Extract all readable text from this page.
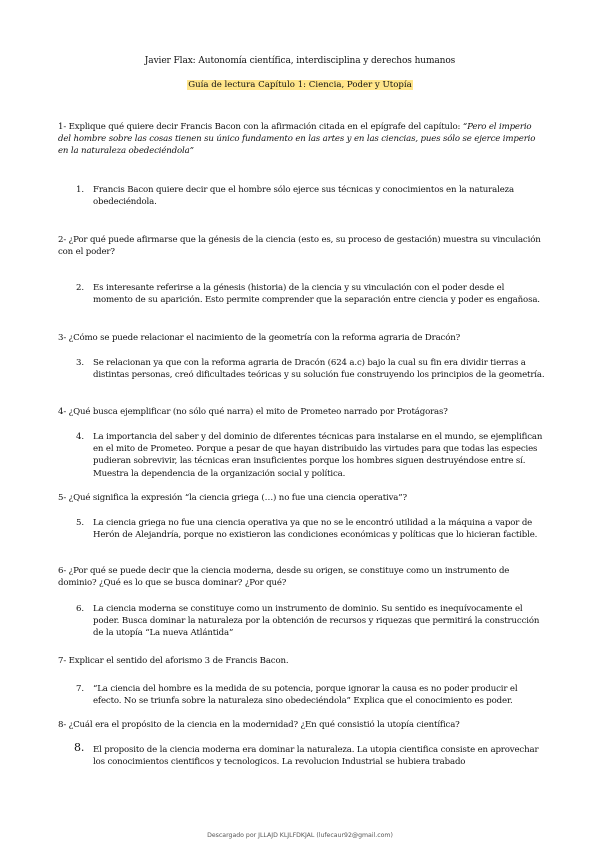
Javier Flax: Autonomía científica, interdisciplina y derechos humanos
Guía de lectura Capítulo 1: Ciencia, Poder y Utopía
1- Explique qué quiere decir Francis Bacon con la afirmación citada en el epígrafe del capítulo: “Pero el imperio del hombre sobre las cosas tienen su único fundamento en las artes y en las ciencias, pues sólo se ejerce imperio en la naturaleza obedeciéndola”
1. Francis Bacon quiere decir que el hombre sólo ejerce sus técnicas y conocimientos en la naturaleza obedeciéndola.
2- ¿Por qué puede afirmarse que la génesis de la ciencia (esto es, su proceso de gestación) muestra su vinculación con el poder?
2. Es interesante referirse a la génesis (historia) de la ciencia y su vinculación con el poder desde el momento de su aparición. Esto permite comprender que la separación entre ciencia y poder es engañosa.
3- ¿Cómo se puede relacionar el nacimiento de la geometría con la reforma agraria de Dracón?
3. Se relacionan ya que con la reforma agraria de Dracón (624 a.c) bajo la cual su fin era dividir tierras a distintas personas, creó dificultades teóricas y su solución fue construyendo los principios de la geometría.
4- ¿Qué busca ejemplificar (no sólo qué narra) el mito de Prometeo narrado por Protágoras?
4. La importancia del saber y del dominio de diferentes técnicas para instalarse en el mundo, se ejemplifican en el mito de Prometeo. Porque a pesar de que hayan distribuido las virtudes para que todas las especies pudieran sobrevivir, las técnicas eran insuficientes porque los hombres siguen destruyéndose entre sí. Muestra la dependencia de la organización social y política.
5- ¿Qué significa la expresión “la ciencia griega (…) no fue una ciencia operativa”?
5. La ciencia griega no fue una ciencia operativa ya que no se le encontró utilidad a la máquina a vapor de Herón de Alejandría, porque no existieron las condiciones económicas y políticas que lo hicieran factible.
6- ¿Por qué se puede decir que la ciencia moderna, desde su origen, se constituye como un instrumento de dominio? ¿Qué es lo que se busca dominar? ¿Por qué?
6. La ciencia moderna se constituye como un instrumento de dominio. Su sentido es inequívocamente el poder. Busca dominar la naturaleza por la obtención de recursos y riquezas que permitirá la construcción de la utopía “La nueva Atlántida”
7- Explicar el sentido del aforismo 3 de Francis Bacon.
7. “La ciencia del hombre es la medida de su potencia, porque ignorar la causa es no poder producir el efecto. No se triunfa sobre la naturaleza sino obedeciéndola” Explica que el conocimiento es poder.
8- ¿Cuál era el propósito de la ciencia en la modernidad? ¿En qué consistió la utopía científica?
8. El proposito de la ciencia moderna era dominar la naturaleza. La utopia cientifica consiste en aprovechar los conocimientos cientificos y tecnologicos. La revolucion Industrial se hubiera trabado
Descargado por JLLAJD KLJLFDKJAL (lufecaur92@gmail.com)
